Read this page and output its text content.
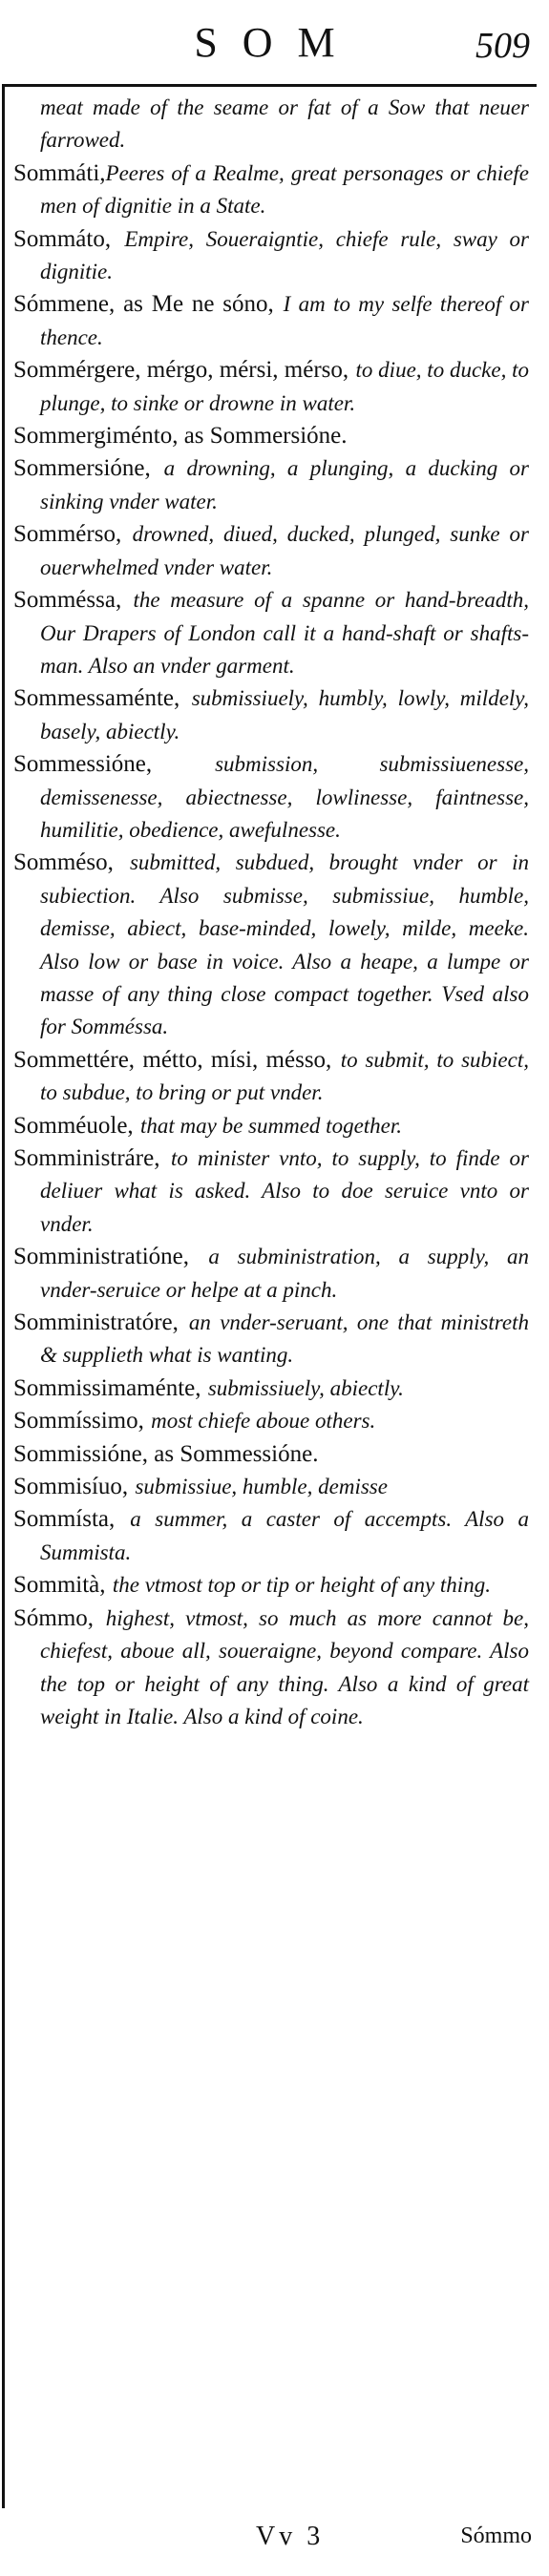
SOM	509

meat made of the seame or fat of a Sow that neuer farrowed.

Sommáti,Peeres of a Realme, great personages or chiefe men of dignitie in a State.

Sommáto, Empire, Soueraigntie, chiefe rule, sway or dignitie.

Sómmene, as Me ne sóno, I am to my selfe thereof or thence.

Sommérgere, mérgo, mérsi, mérso, to diue, to ducke, to plunge, to sinke or drowne in water.

Sommergiménto, as Sommersióne.

Sommersióne, a drowning, a plunging, a ducking or sinking vnder water.

Sommérso, drowned, diued, ducked, plunged, sunke or ouerwhelmed vnder water.

Somméssa, the measure of a spanne or hand-breadth, Our Drapers of London call it a hand-shaft or shafts-man. Also an vnder garment.

Sommessaménte, submissiuely, humbly, lowly, mildely, basely, abiectly.

Sommessióne,	submission, submissiuenesse, demissenesse, abiectnesse, lowlinesse, faintnesse, humilitie, obedience, awefulnesse.

Somméso, submitted, subdued, brought vnder or in subiection. Also submisse, submissiue, humble, demisse, abiect, base-minded, lowely, milde, meeke. Also low or base in voice. Also a heape, a lumpe or masse of any thing close compact together. Vsed also for Somméssa.

Sommettére, métto, mísi, mésso, to submit, to subiect, to subdue, to bring or put vnder.

Somméuole, that may be summed together.

Somministráre, to minister vnto, to supply, to finde or deliuer what is asked. Also to doe seruice vnto or vnder.

Somministratióne, a subministration, a supply, an vnder-seruice or helpe at a pinch.

Somministratóre, an vnder-seruant, one that ministreth & supplieth what is wanting.

Sommissimaménte, submissiuely, abiectly.

Sommíssimo, most chiefe aboue others.

Sommissióne, as Sommessióne.

Sommisíuo, submissiue, humble, demisse

Sommísta, a summer, a caster of accempts. Also a Summista.

Sommità, the vtmost top or tip or height of any thing.

Sómmo, highest, vtmost, so much as more cannot be, chiefest, aboue all, soueraigne, beyond compare. Also the top or height of any thing. Also a kind of great weight in Italie. Also a kind of coine.

Vv 3	Sómmo
